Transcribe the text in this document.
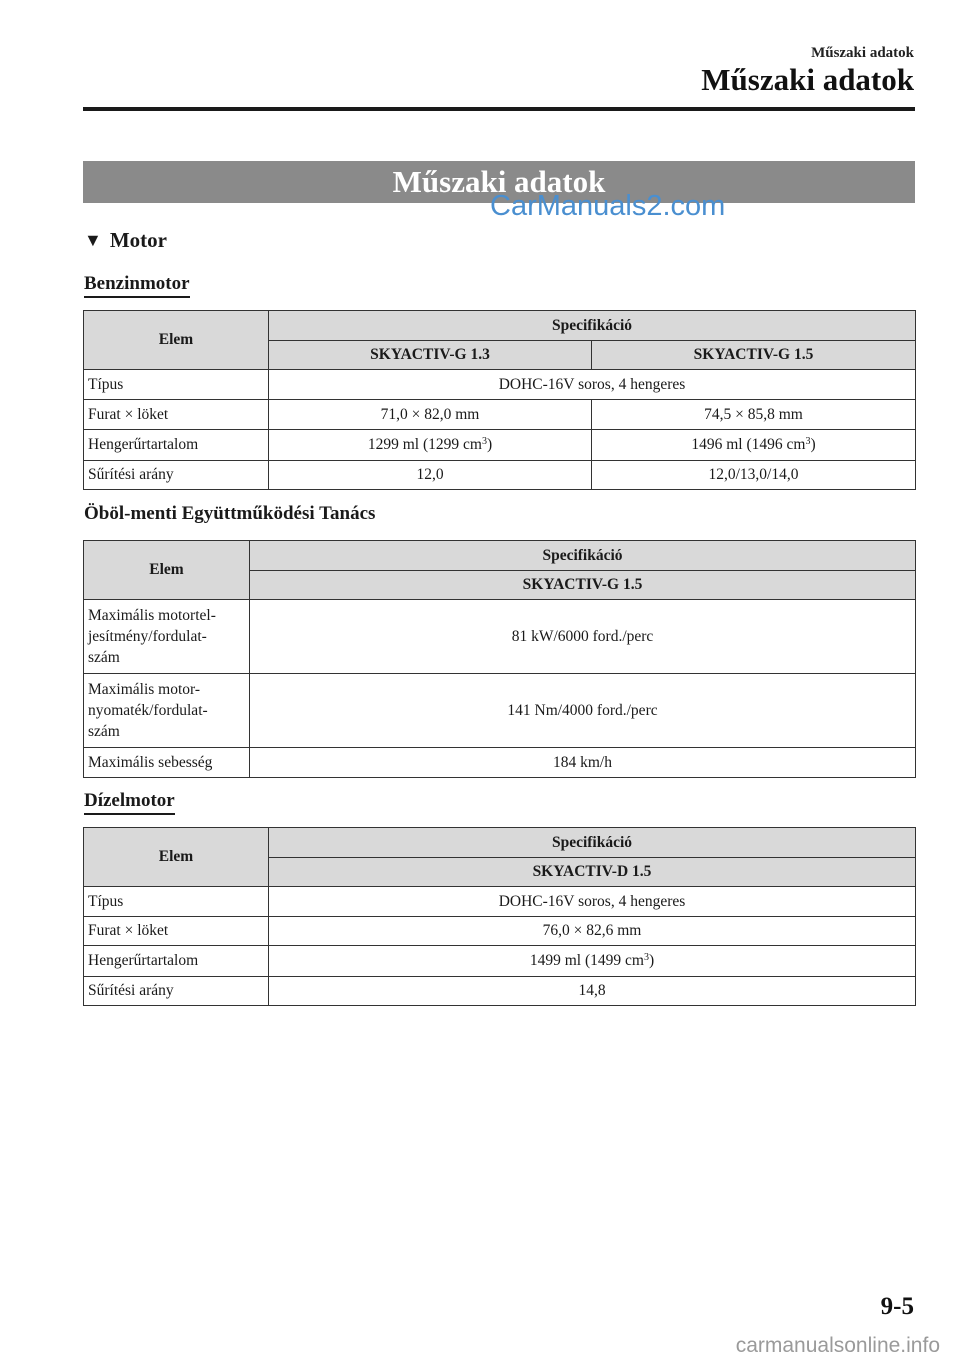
Műszaki adatok
Műszaki adatok
Műszaki adatok
CarManuals2.com
▼ Motor
Benzinmotor
Elem	Specifikáció	
	SKYACTIV-G 1.3	SKYACTIV-G 1.5
Típus	DOHC-16V soros, 4 hengeres	
Furat × löket	71,0 × 82,0 mm	74,5 × 85,8 mm
Hengerűrtartalom	1299 ml (1299 $cm^3$)	1496 ml (1496 $cm^3$)
Sűrítési arány	12,0	12,0/13,0/14,0
Öböl-menti Együttműködési Tanács
Elem	Specifikáció
	SKYACTIV-G 1.5

Maximális motortel-
jesítmény/fordulat-
szám	81 kW/6000 ford./perc

Maximális motor-
nyomaték/fordulat-
szám	141 Nm/4000 ford./perc
Maximális sebesség	184 km/h
Dízelmotor
Elem	Specifikáció
	SKYACTIV-D 1.5
Típus	DOHC-16V soros, 4 hengeres
Furat × löket	76,0 × 82,6 mm
Hengerűrtartalom	1499 ml (1499 $cm^3$)
Sűrítési arány	14,8
9-5
carmanualsonline.info
